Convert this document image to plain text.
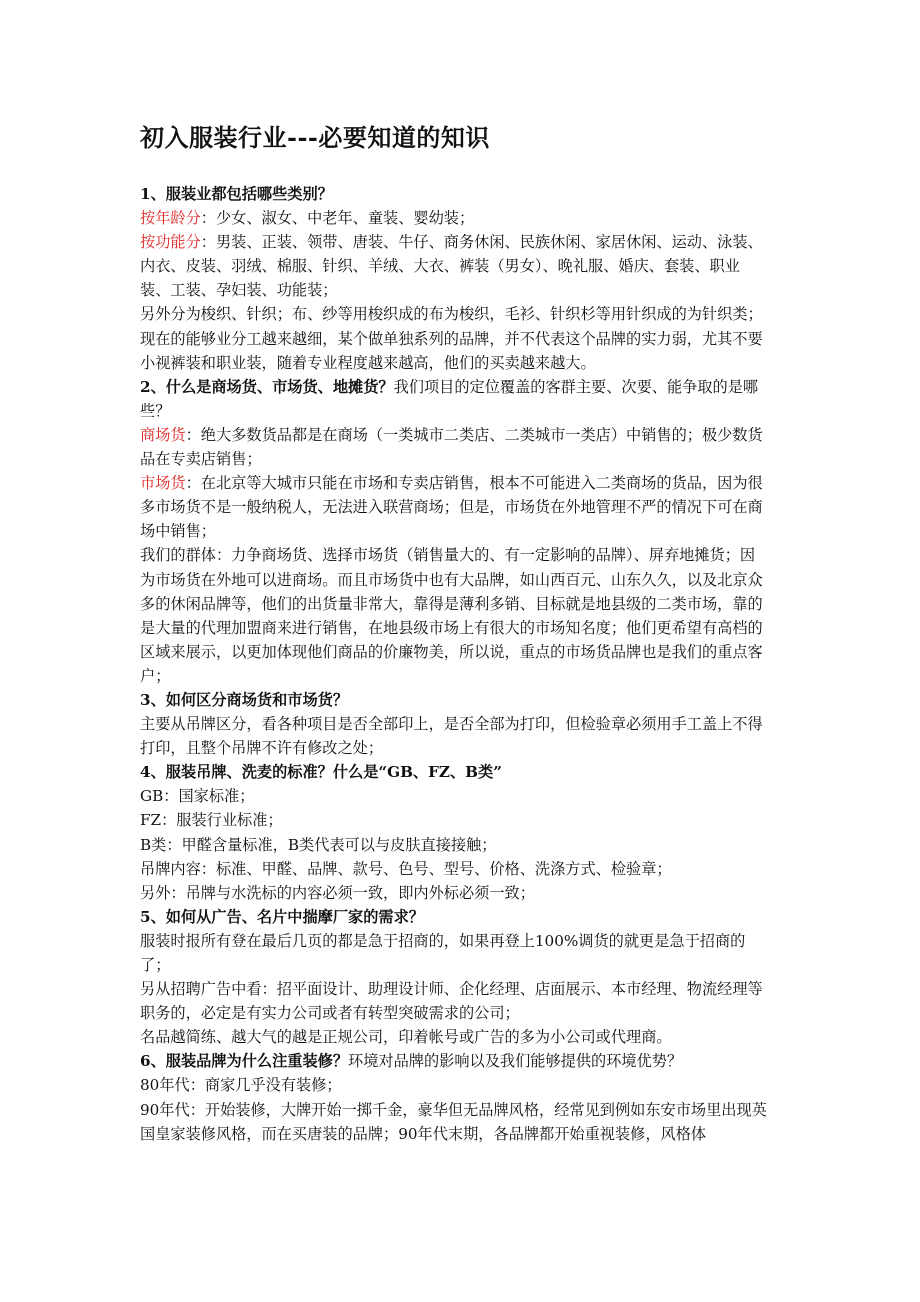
初入服装行业---必要知道的知识

1、服装业都包括哪些类别？

按年龄分：少女、淑女、中老年、童装、婴幼装；

按功能分：男装、正装、领带、唐装、牛仔、商务休闲、民族休闲、家居休闲、运动、泳装、内衣、皮装、羽绒、棉服、针织、羊绒、大衣、裤装（男女）、晚礼服、婚庆、套装、职业装、工装、孕妇装、功能装；

另外分为梭织、针织；布、纱等用梭织成的布为梭织，毛衫、针织杉等用针织成的为针织类；

现在的能够业分工越来越细，某个做单独系列的品牌，并不代表这个品牌的实力弱，尤其不要小视裤装和职业装，随着专业程度越来越高，他们的买卖越来越大。

2、什么是商场货、市场货、地摊货？我们项目的定位覆盖的客群主要、次要、能争取的是哪些？

商场货：绝大多数货品都是在商场（一类城市二类店、二类城市一类店）中销售的；极少数货品在专卖店销售；

市场货：在北京等大城市只能在市场和专卖店销售，根本不可能进入二类商场的货品，因为很多市场货不是一般纳税人，无法进入联营商场；但是，市场货在外地管理不严的情况下可在商场中销售；

我们的群体：力争商场货、选择市场货（销售量大的、有一定影响的品牌）、屏弃地摊货；因为市场货在外地可以进商场。而且市场货中也有大品牌，如山西百元、山东久久，以及北京众多的休闲品牌等，他们的出货量非常大，靠得是薄利多销、目标就是地县级的二类市场，靠的是大量的代理加盟商来进行销售，在地县级市场上有很大的市场知名度；他们更希望有高档的区域来展示，以更加体现他们商品的价廉物美，所以说，重点的市场货品牌也是我们的重点客户；

3、如何区分商场货和市场货？

主要从吊牌区分，看各种项目是否全部印上，是否全部为打印，但检验章必须用手工盖上不得打印，且整个吊牌不许有修改之处；

4、服装吊牌、洗麦的标准？什么是“GB、FZ、B类”

GB：国家标准；

FZ：服装行业标准；

B类：甲醛含量标准，B类代表可以与皮肤直接接触；

吊牌内容：标准、甲醛、品牌、款号、色号、型号、价格、洗涤方式、检验章；

另外：吊牌与水洗标的内容必须一致，即内外标必须一致；

5、如何从广告、名片中揣摩厂家的需求？

服装时报所有登在最后几页的都是急于招商的，如果再登上100%调货的就更是急于招商的了；

另从招聘广告中看：招平面设计、助理设计师、企化经理、店面展示、本市经理、物流经理等职务的，必定是有实力公司或者有转型突破需求的公司；

名品越简练、越大气的越是正规公司，印着帐号或广告的多为小公司或代理商。

6、服装品牌为什么注重装修？环境对品牌的影响以及我们能够提供的环境优势？

80年代：商家几乎没有装修；

90年代：开始装修，大牌开始一掷千金，豪华但无品牌风格，经常见到例如东安市场里出现英国皇家装修风格，而在买唐装的品牌；90年代末期，各品牌都开始重视装修，风格体
